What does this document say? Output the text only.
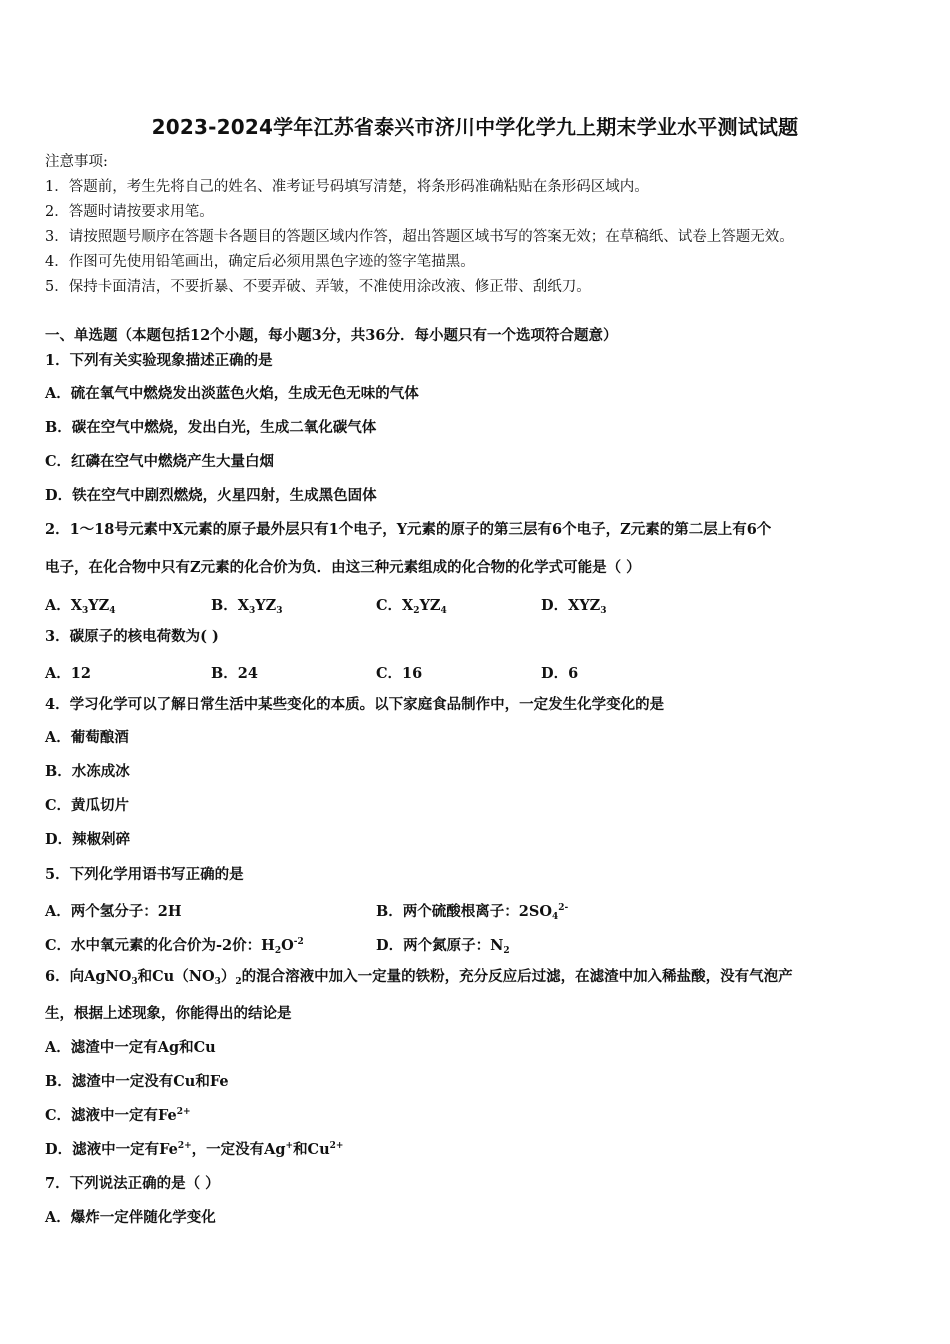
2023-2024学年江苏省泰兴市济川中学化学九上期末学业水平测试试题
注意事项:
1．答题前，考生先将自己的姓名、准考证号码填写清楚，将条形码准确粘贴在条形码区域内。
2．答题时请按要求用笔。
3．请按照题号顺序在答题卡各题目的答题区域内作答，超出答题区域书写的答案无效；在草稿纸、试卷上答题无效。
4．作图可先使用铅笔画出，确定后必须用黑色字迹的签字笔描黑。
5．保持卡面清洁，不要折暴、不要弄破、弄皱，不准使用涂改液、修正带、刮纸刀。
一、单选题（本题包括12个小题，每小题3分，共36分．每小题只有一个选项符合题意）
1．下列有关实验现象描述正确的是
A．硫在氧气中燃烧发出淡蓝色火焰，生成无色无味的气体
B．碳在空气中燃烧，发出白光，生成二氧化碳气体
C．红磷在空气中燃烧产生大量白烟
D．铁在空气中剧烈燃烧，火星四射，生成黑色固体
2．1～18号元素中X元素的原子最外层只有1个电子，Y元素的原子的第三层有6个电子，Z元素的第二层上有6个
电子，在化合物中只有Z元素的化合价为负．由这三种元素组成的化合物的化学式可能是（ ）
A．$X_3YZ_4$	B．$X_3YZ_3$	C．$X_2YZ_4$	D．$XYZ_3$
3．碳原子的核电荷数为( )
A．12	B．24	C．16	D．6
4．学习化学可以了解日常生活中某些变化的本质。以下家庭食品制作中，一定发生化学变化的是
A．葡萄酿酒
B．水冻成冰
C．黄瓜切片
D．辣椒剁碎
5．下列化学用语书写正确的是
A．两个氢分子：2H	B．两个硫酸根离子：$2SO_4^{2-}$
C．水中氧元素的化合价为-2价：$H_2O^{-2}$	D．两个氮原子：$N_2$
6．向AgNO$_3$和$Cu(NO_3)_2$的混合溶液中加入一定量的铁粉，充分反应后过滤，在滤渣中加入稀盐酸，没有气泡产
生，根据上述现象，你能得出的结论是
A．滤渣中一定有Ag和Cu
B．滤渣中一定没有Cu和Fe
C．滤液中一定有$Fe^{2+}$
D．滤液中一定有$Fe^{2+}$，一定没有Ag+和$Cu^{2+}$
7．下列说法正确的是（ ）
A．爆炸一定伴随化学变化
